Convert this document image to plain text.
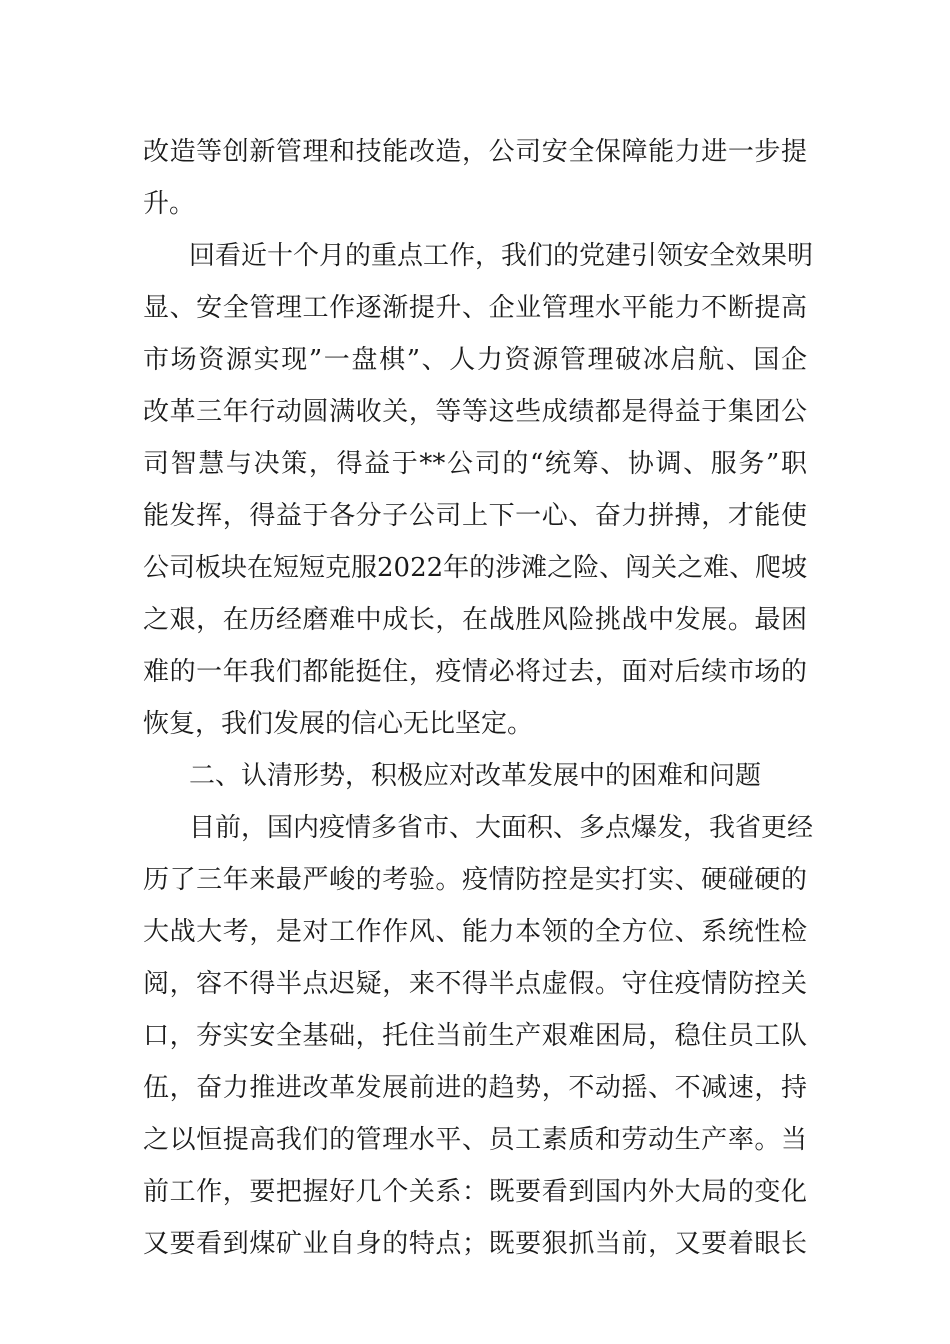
改造等创新管理和技能改造，公司安全保障能力进一步提
升。
回看近十个月的重点工作，我们的党建引领安全效果明
显、安全管理工作逐渐提升、企业管理水平能力不断提高
市场资源实现”一盘棋”、人力资源管理破冰启航、国企
改革三年行动圆满收关，等等这些成绩都是得益于集团公
司智慧与决策，得益于**公司的“统筹、协调、服务”职
能发挥，得益于各分子公司上下一心、奋力拼搏，才能使
公司板块在短短克服2022年的涉滩之险、闯关之难、爬坡
之艰，在历经磨难中成长，在战胜风险挑战中发展。最困
难的一年我们都能挺住，疫情必将过去，面对后续市场的
恢复，我们发展的信心无比坚定。
二、认清形势，积极应对改革发展中的困难和问题
目前，国内疫情多省市、大面积、多点爆发，我省更经
历了三年来最严峻的考验。疫情防控是实打实、硬碰硬的
大战大考，是对工作作风、能力本领的全方位、系统性检
阅，容不得半点迟疑，来不得半点虚假。守住疫情防控关
口，夯实安全基础，托住当前生产艰难困局，稳住员工队
伍，奋力推进改革发展前进的趋势，不动摇、不减速，持
之以恒提高我们的管理水平、员工素质和劳动生产率。当
前工作，要把握好几个关系：既要看到国内外大局的变化
又要看到煤矿业自身的特点；既要狠抓当前，又要着眼长
